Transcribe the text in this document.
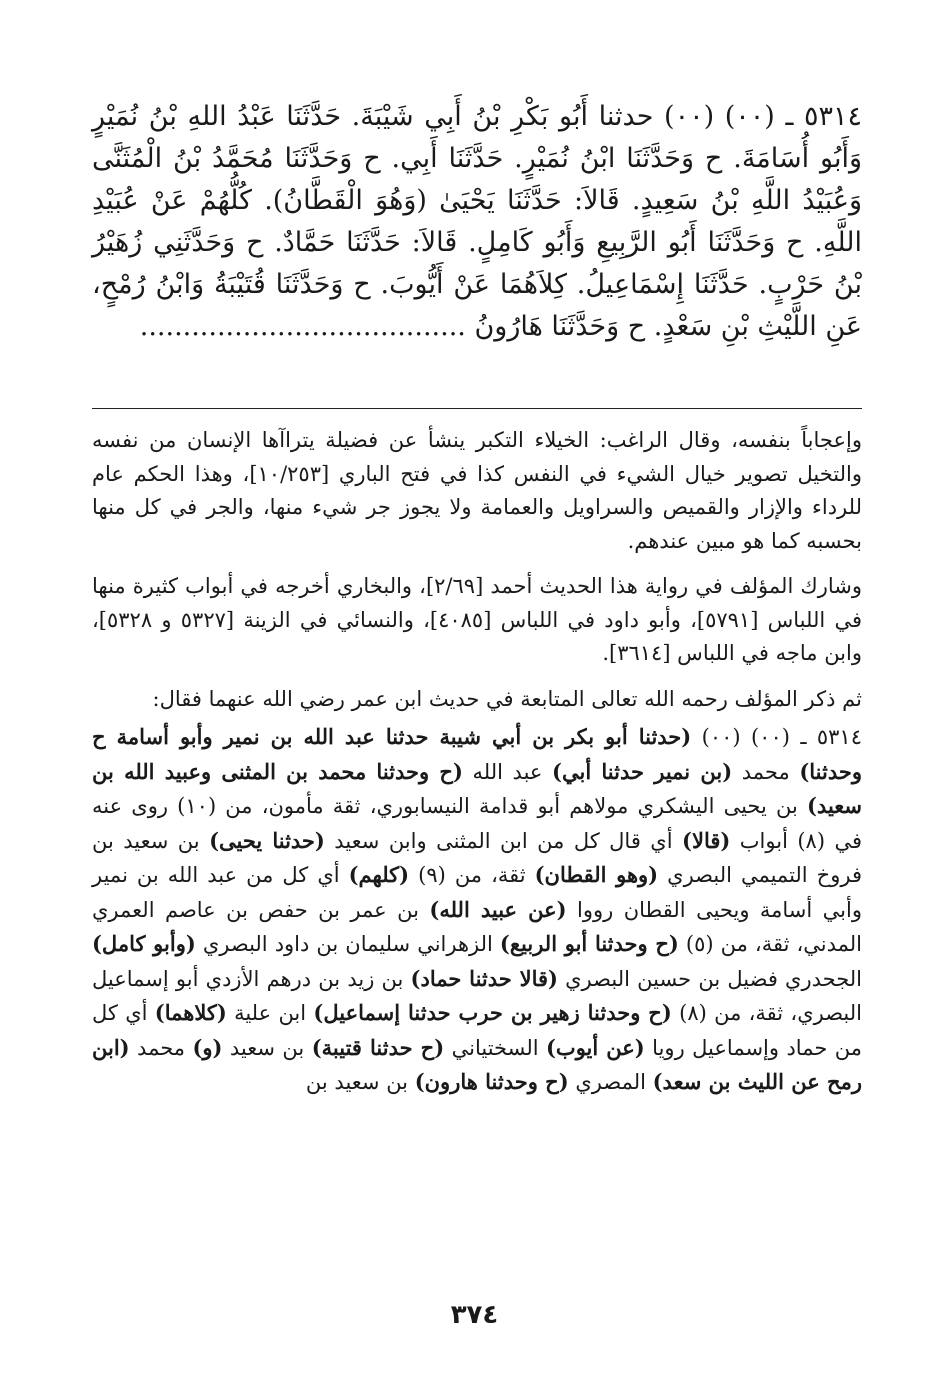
٥٣١٤ ـ (٠٠) (٠٠) حدثنا أَبُو بَكْرِ بْنُ أَبِي شَيْبَةَ. حَدَّثَنَا عَبْدُ اللهِ بْنُ نُمَيْرٍ وَأَبُو أُسَامَةَ. ح وَحَدَّثَنَا ابْنُ نُمَيْرٍ. حَدَّثَنَا أَبِي. ح وَحَدَّثَنَا مُحَمَّدُ بْنُ الْمُثَنَّى وَعُبَيْدُ اللَّهِ بْنُ سَعِيدٍ. قَالاَ: حَدَّثَنَا يَحْيَىٰ (وَهُوَ الْقَطَّانُ). كُلُّهُمْ عَنْ عُبَيْدِ اللَّهِ. ح وَحَدَّثَنَا أَبُو الرَّبِيعِ وَأَبُو كَامِلٍ. قَالاَ: حَدَّثَنَا حَمَّادٌ. ح وَحَدَّثَنِي زُهَيْرُ بْنُ حَرْبٍ. حَدَّثَنَا إِسْمَاعِيلُ. كِلاَهُمَا عَنْ أَيُّوبَ. ح وَحَدَّثَنَا قُتَيْبَةُ وَابْنُ رُمْحٍ، عَنِ اللَّيْثِ بْنِ سَعْدٍ. ح وَحَدَّثَنَا هَارُونُ ......................................

وإعجاباً بنفسه، وقال الراغب: الخيلاء التكبر ينشأ عن فضيلة يتراآها الإنسان من نفسه والتخيل تصوير خيال الشيء في النفس كذا في فتح الباري [١٠/٢٥٣]، وهذا الحكم عام للرداء والإزار والقميص والسراويل والعمامة ولا يجوز جر شيء منها، والجر في كل منها بحسبه كما هو مبين عندهم.

وشارك المؤلف في رواية هذا الحديث أحمد [٢/٦٩]، والبخاري أخرجه في أبواب كثيرة منها في اللباس [٥٧٩١]، وأبو داود في اللباس [٤٠٨٥]، والنسائي في الزينة [٥٣٢٧ و ٥٣٢٨]، وابن ماجه في اللباس [٣٦١٤].

ثم ذكر المؤلف رحمه الله تعالى المتابعة في حديث ابن عمر رضي الله عنهما فقال:

٥٣١٤ ـ (٠٠) (٠٠) (حدثنا أبو بكر بن أبي شيبة حدثنا عبد الله بن نمير وأبو أسامة ح وحدثنا) محمد (بن نمير حدثنا أبي) عبد الله (ح وحدثنا محمد بن المثنى وعبيد الله بن سعيد) بن يحيى اليشكري مولاهم أبو قدامة النيسابوري، ثقة مأمون، من (١٠) روى عنه في (٨) أبواب (قالا) أي قال كل من ابن المثنى وابن سعيد (حدثنا يحيى) بن سعيد بن فروخ التميمي البصري (وهو القطان) ثقة، من (٩) (كلهم) أي كل من عبد الله بن نمير وأبي أسامة ويحيى القطان رووا (عن عبيد الله) بن عمر بن حفص بن عاصم العمري المدني، ثقة، من (٥) (ح وحدثنا أبو الربيع) الزهراني سليمان بن داود البصري (وأبو كامل) الجحدري فضيل بن حسين البصري (قالا حدثنا حماد) بن زيد بن درهم الأزدي أبو إسماعيل البصري، ثقة، من (٨) (ح وحدثنا زهير بن حرب حدثنا إسماعيل) ابن علية (كلاهما) أي كل من حماد وإسماعيل رويا (عن أيوب) السختياني (ح حدثنا قتيبة) بن سعيد (و) محمد (ابن رمح عن الليث بن سعد) المصري (ح وحدثنا هارون) بن سعيد بن

٣٧٤
